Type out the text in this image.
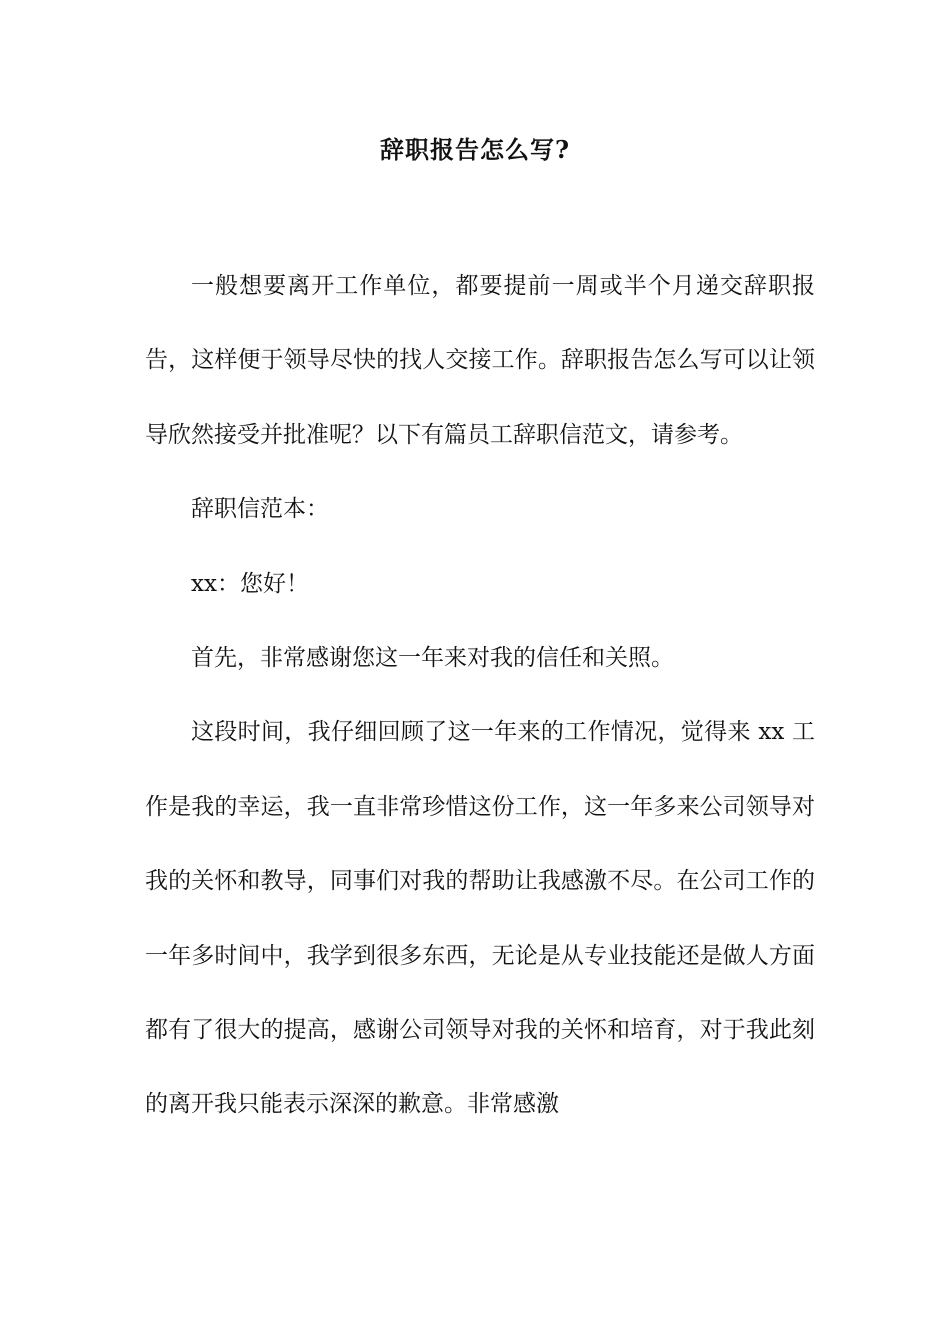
辞职报告怎么写?

一般想要离开工作单位，都要提前一周或半个月递交辞职报告，这样便于领导尽快的找人交接工作。辞职报告怎么写可以让领导欣然接受并批准呢？以下有篇员工辞职信范文，请参考。

辞职信范本：

xx：您好！

首先，非常感谢您这一年来对我的信任和关照。

这段时间，我仔细回顾了这一年来的工作情况，觉得来 xx 工作是我的幸运，我一直非常珍惜这份工作，这一年多来公司领导对我的关怀和教导，同事们对我的帮助让我感激不尽。在公司工作的一年多时间中，我学到很多东西，无论是从专业技能还是做人方面都有了很大的提高，感谢公司领导对我的关怀和培育，对于我此刻的离开我只能表示深深的歉意。非常感激
